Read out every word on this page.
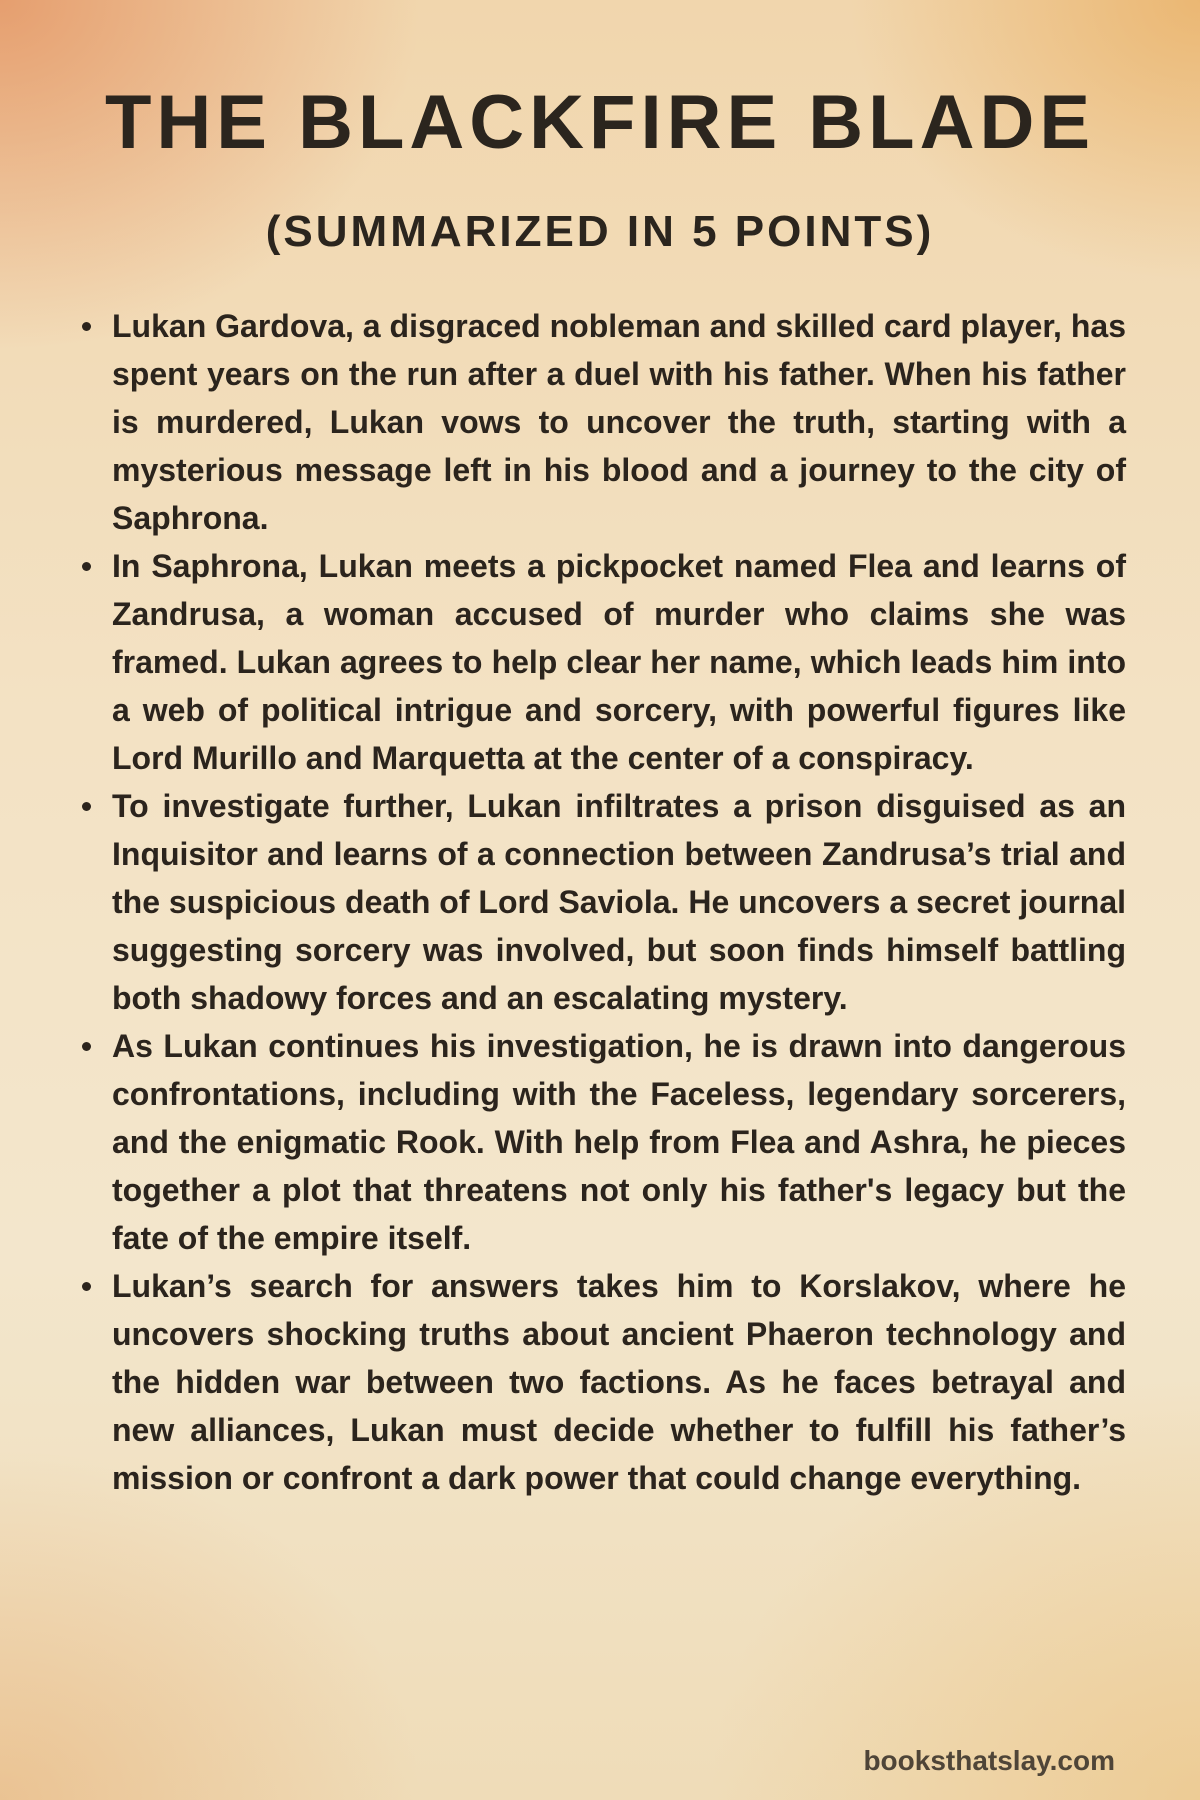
THE BLACKFIRE BLADE
(SUMMARIZED IN 5 POINTS)
Lukan Gardova, a disgraced nobleman and skilled card player, has spent years on the run after a duel with his father. When his father is murdered, Lukan vows to uncover the truth, starting with a mysterious message left in his blood and a journey to the city of Saphrona.
In Saphrona, Lukan meets a pickpocket named Flea and learns of Zandrusa, a woman accused of murder who claims she was framed. Lukan agrees to help clear her name, which leads him into a web of political intrigue and sorcery, with powerful figures like Lord Murillo and Marquetta at the center of a conspiracy.
To investigate further, Lukan infiltrates a prison disguised as an Inquisitor and learns of a connection between Zandrusa’s trial and the suspicious death of Lord Saviola. He uncovers a secret journal suggesting sorcery was involved, but soon finds himself battling both shadowy forces and an escalating mystery.
As Lukan continues his investigation, he is drawn into dangerous confrontations, including with the Faceless, legendary sorcerers, and the enigmatic Rook. With help from Flea and Ashra, he pieces together a plot that threatens not only his father's legacy but the fate of the empire itself.
Lukan’s search for answers takes him to Korslakov, where he uncovers shocking truths about ancient Phaeron technology and the hidden war between two factions. As he faces betrayal and new alliances, Lukan must decide whether to fulfill his father’s mission or confront a dark power that could change everything.
booksthatslay.com
